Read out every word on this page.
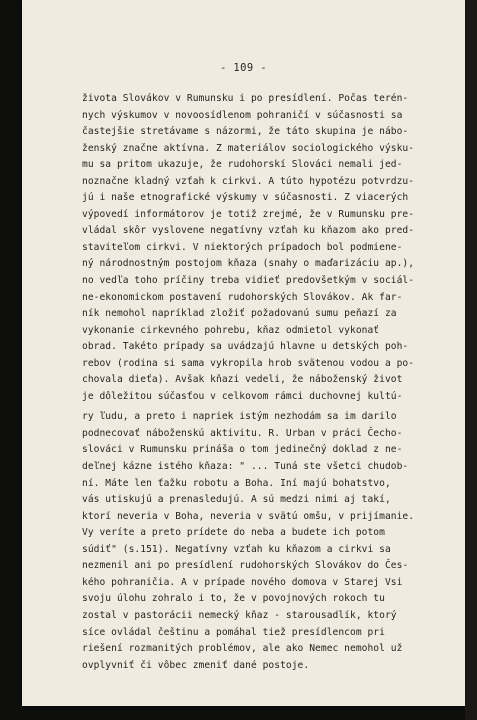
- 109 -
života Slovákov v Rumunsku i po presídlení. Počas terén-
nych výskumov v novoosídlenom pohraničí v súčasnosti sa
častejšie stretávame s názormi, že táto skupina je nábo-
ženský značne aktívna. Z materiálov sociologického výsku-
mu sa pritom ukazuje, že rudohorskí Slováci nemali jed-
noznačne kladný vzťah k cirkvi. A túto hypotézu potvrdzu-
jú i naše etnografické výskumy v súčasnosti. Z viacerých
výpovedí informátorov je totiž zrejmé, že v Rumunsku pre-
vládal skôr vyslovene negatívny vzťah ku kňazom ako pred-
staviteľom cirkvi. V niektorých prípadoch bol podmiene-
ný národnostným postojom kňaza (snahy o maďarizáciu ap.),
no vedľa toho príčiny treba vidieť predovšetkým v sociál-
ne-ekonomickom postavení rudohorských Slovákov. Ak far-
ník nemohol napríklad zložiť požadovanú sumu peňazí za
vykonanie cirkevného pohrebu, kňaz odmietol vykonať
obrad. Takéto prípady sa uvádzajú hlavne u detských poh-
rebov (rodina si sama vykropila hrob svätenou vodou a po-
chovala dieťa). Avšak kňazi vedeli, že náboženský život
je dôležitou súčasťou v celkovom rámci duchovnej kultú-
ry ľudu, a preto i napriek istým nezhodám sa im darilo
podnecovať náboženskú aktivitu. R. Urban v práci Čecho-
slováci v Rumunsku prináša o tom jedinečný doklad z ne-
deľnej kázne istého kňaza: " ... Tuná ste všetci chudob-
ní. Máte len ťažku robotu a Boha. Iní majú bohatstvo,
vás utiskujú a prenasledujú. A sú medzi nimi aj takí,
ktorí neveria v Boha, neveria v svätú omšu, v prijímanie.
Vy veríte a preto prídete do neba a budete ich potom
súdiť" (s.151). Negatívny vzťah ku kňazom a cirkvi sa
nezmenil ani po presídlení rudohorských Slovákov do Čes-
kého pohraničia. A v prípade nového domova v Starej Vsi
svoju úlohu zohralo i to, že v povojnových rokoch tu
zostal v pastorácii nemecký kňaz - starousadlík, ktorý
síce ovládal češtinu a pomáhal tiež presídlencom pri
riešení rozmanitých problémov, ale ako Nemec nemohol už
ovplyvniť či vôbec zmeniť dané postoje.
